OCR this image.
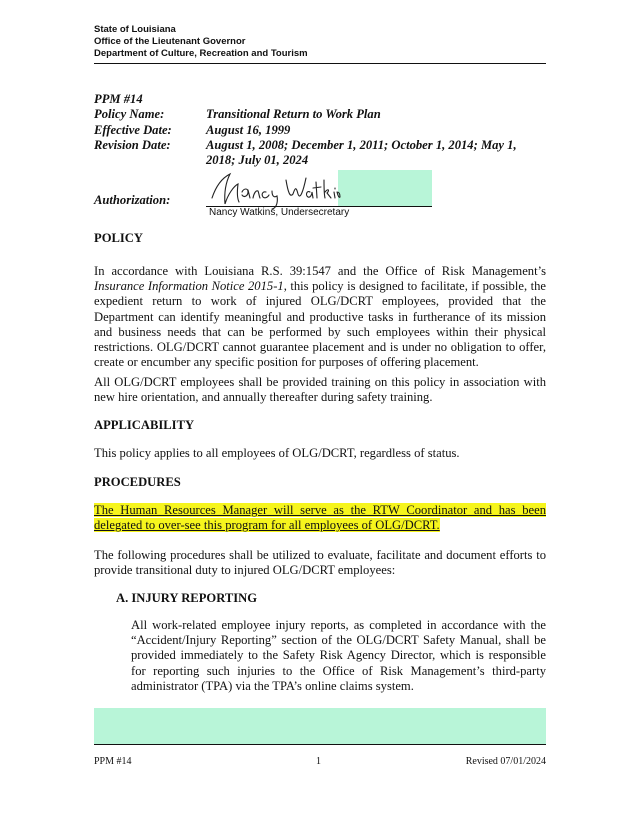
State of Louisiana
Office of the Lieutenant Governor
Department of Culture, Recreation and Tourism
PPM #14
Policy Name:	Transitional Return to Work Plan
Effective Date:	August 16, 1999
Revision Date:	August 1, 2008; December 1, 2011; October 1, 2014; May 1, 2018; July 01, 2024
Authorization:
Nancy Watkins, Undersecretary
POLICY
In accordance with Louisiana R.S. 39:1547 and the Office of Risk Management’s Insurance Information Notice 2015-1, this policy is designed to facilitate, if possible, the expedient return to work of injured OLG/DCRT employees, provided that the Department can identify meaningful and productive tasks in furtherance of its mission and business needs that can be performed by such employees within their physical restrictions. OLG/DCRT cannot guarantee placement and is under no obligation to offer, create or encumber any specific position for purposes of offering placement.
All OLG/DCRT employees shall be provided training on this policy in association with new hire orientation, and annually thereafter during safety training.
APPLICABILITY
This policy applies to all employees of OLG/DCRT, regardless of status.
PROCEDURES
The Human Resources Manager will serve as the RTW Coordinator and has been delegated to over-see this program for all employees of OLG/DCRT.
The following procedures shall be utilized to evaluate, facilitate and document efforts to provide transitional duty to injured OLG/DCRT employees:
A. INJURY REPORTING
All work-related employee injury reports, as completed in accordance with the “Accident/Injury Reporting” section of the OLG/DCRT Safety Manual, shall be provided immediately to the Safety Risk Agency Director, which is responsible for reporting such injuries to the Office of Risk Management’s third-party administrator (TPA) via the TPA’s online claims system.
PPM #14	1	Revised 07/01/2024
